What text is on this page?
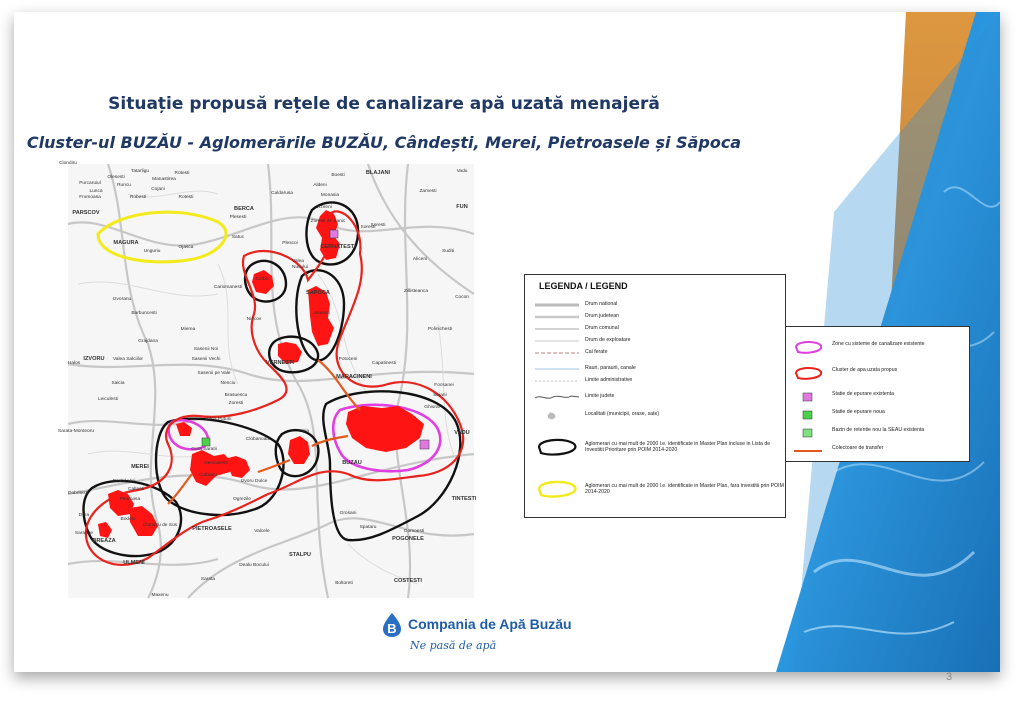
Situație propusă rețele de canalizare apă uzată menajeră
Cluster-ul BUZĂU - Aglomerările BUZĂU, Cândești, Merei, Pietroasele și Săpoca
Tatarligu
Olesesti
Purcaruiul	Runcu
Lunca
Frumoasa
Manastirea
Rotesti
Cojani
Robesti	Rotesti
PARSCOV
MAGURA
Unguriu
Ojasca
Satuc
BERCA
Plesesti
Caldarusa
Valea
Nucului
Plescoi
Boesti
Aldeni
Monasia
BLAJANI	Vadu
Soresti
Zamesti
FUN
Suditi
Aliceni
Vizireni
Zoresti de Sanic
CERNATESTI
Soresti
Izvoranu
Barbuncesti
Corbu
Cariomanesti
Mierea
Niscov
SAPOCA
Matesti
Zillisteanca
Cocon
Polinichesti
Grajdana
Sasenii Noi
Sasenii Vechi
Sasenii pe Vale
Nenciu
Halos
IZVORU Valea Salciilor
Salcia
Leiculesti
VERNESTI
Brasuescu
Zoresti
Potoceni
Capatinesti
MARACINENI
Focsanei
Bajani
Ghiurai
VADU
Sarata-Monteoru
Valea Puturii
Clobanoaia
Lipia
BUZAU
Gura Saratii
MEREI
Nenciulesti
Ciobanu
Izvoru Dulce
Ogrezile
Dealul Viei
Caltesti
Dobrilesti
Pietroasa
Dara
Bodeni
Clondiru de Sus
Sarange
BREAZA
PIETROASELE	Valcele
STALPU
Grosani
Spataru
Gomoesti
TINTESTI
POGONELE
Dealu Bocului
ULMENI
Sarata
Boltoreti	COSTESTI
Maxenu
Clondiru
LEGENDA / LEGEND
Drum national
Drum judetean
Drum comunal
Drum de exploatare
Cai ferate
Rauri, paraurii, canale
Limite administrative
Limite judete
Localitati (municipii, orase, sate)
Aglomerari cu mai mult de 2000 l.e. identificate in Master Plan incluse in Lista de Investitii Prioritare prin POIM 2014-2020
Aglomerari cu mai mult de 2000 l.e. identificate in Master Plan, fara investitii prin POIM 2014-2020
Zone cu sisteme de canalizare existente
Cluster de apa uzata propus
Statie de epurare existenta
Statie de epurare noua
Bazin de retentie nou la SEAU existenta
Colectoare de transfer
B Compania de Apă Buzău
Ne pasă de apă
3
